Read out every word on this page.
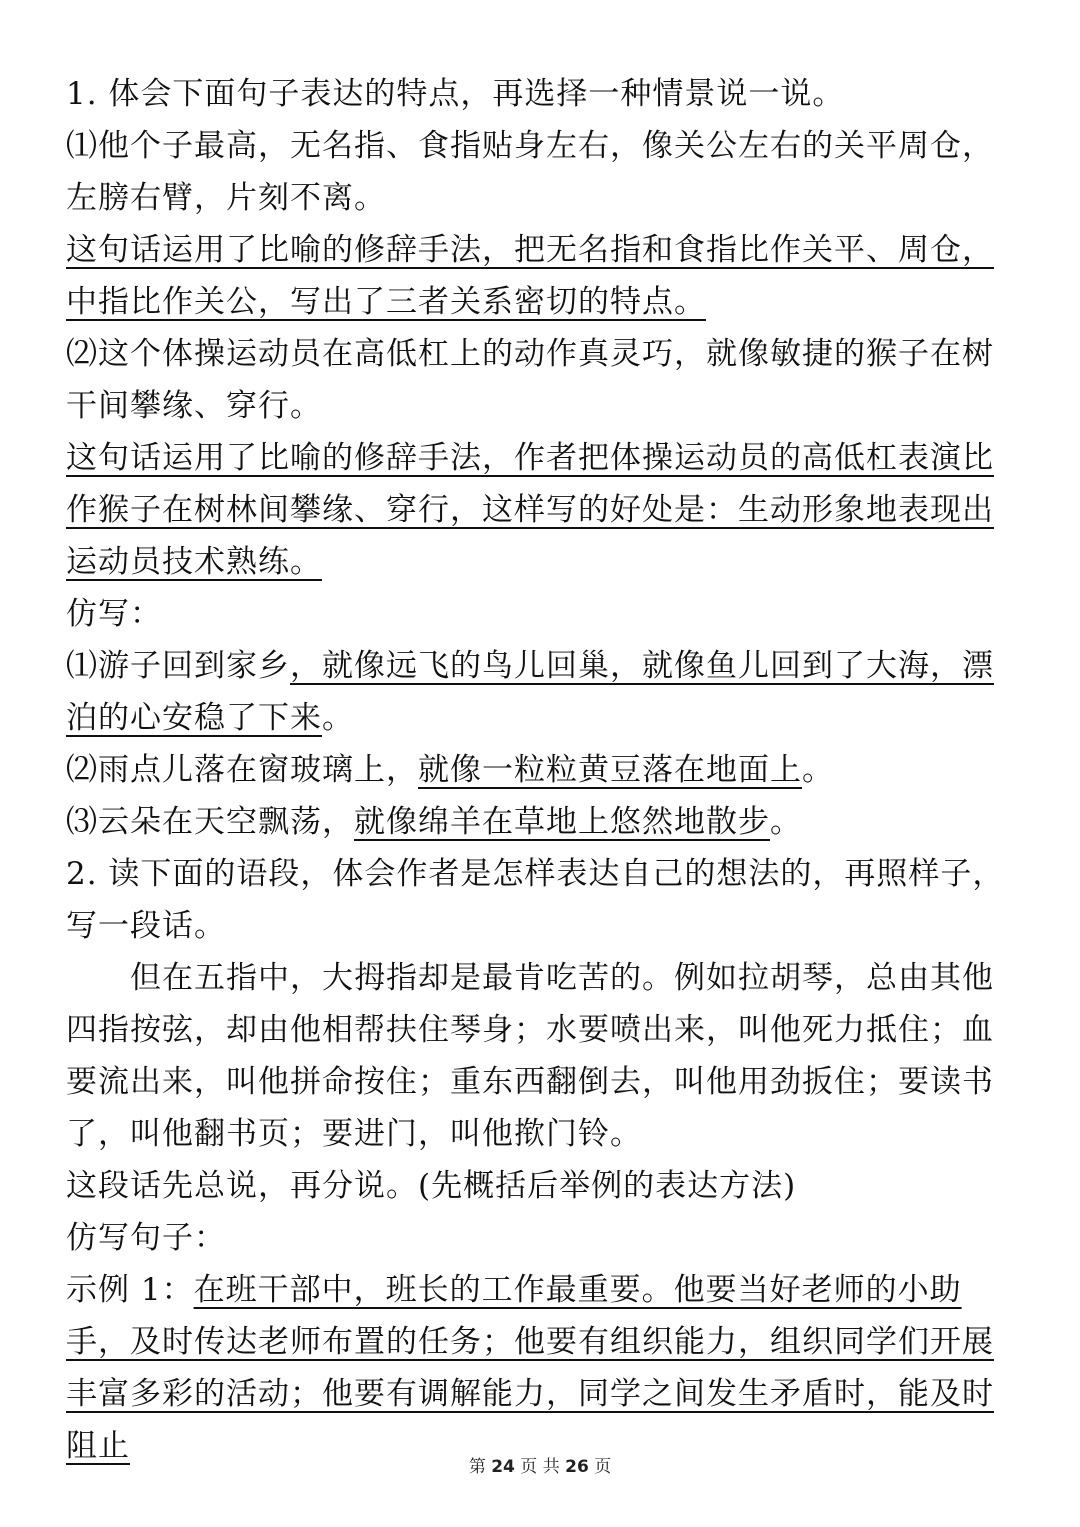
1. 体会下面句子表达的特点，再选择一种情景说一说。

⑴他个子最高，无名指、食指贴身左右，像关公左右的关平周仓，左膀右臂，片刻不离。

这句话运用了比喻的修辞手法，把无名指和食指比作关平、周仓，中指比作关公，写出了三者关系密切的特点。

⑵这个体操运动员在高低杠上的动作真灵巧，就像敏捷的猴子在树干间攀缘、穿行。

这句话运用了比喻的修辞手法，作者把体操运动员的高低杠表演比作猴子在树林间攀缘、穿行，这样写的好处是：生动形象地表现出运动员技术熟练。

仿写：

⑴游子回到家乡，就像远飞的鸟儿回巢，就像鱼儿回到了大海，漂泊的心安稳了下来。

⑵雨点儿落在窗玻璃上，就像一粒粒黄豆落在地面上。

⑶云朵在天空飘荡，就像绵羊在草地上悠然地散步。

2. 读下面的语段，体会作者是怎样表达自己的想法的，再照样子，写一段话。

但在五指中，大拇指却是最肯吃苦的。例如拉胡琴，总由其他四指按弦，却由他相帮扶住琴身；水要喷出来，叫他死力抵住；血要流出来，叫他拼命按住；重东西翻倒去，叫他用劲扳住；要读书了，叫他翻书页；要进门，叫他揿门铃。

这段话先总说，再分说。(先概括后举例的表达方法)

仿写句子：

示例 1：在班干部中，班长的工作最重要。他要当好老师的小助手，及时传达老师布置的任务；他要有组织能力，组织同学们开展丰富多彩的活动；他要有调解能力，同学之间发生矛盾时，能及时阻止

第 24 页 共 26 页
